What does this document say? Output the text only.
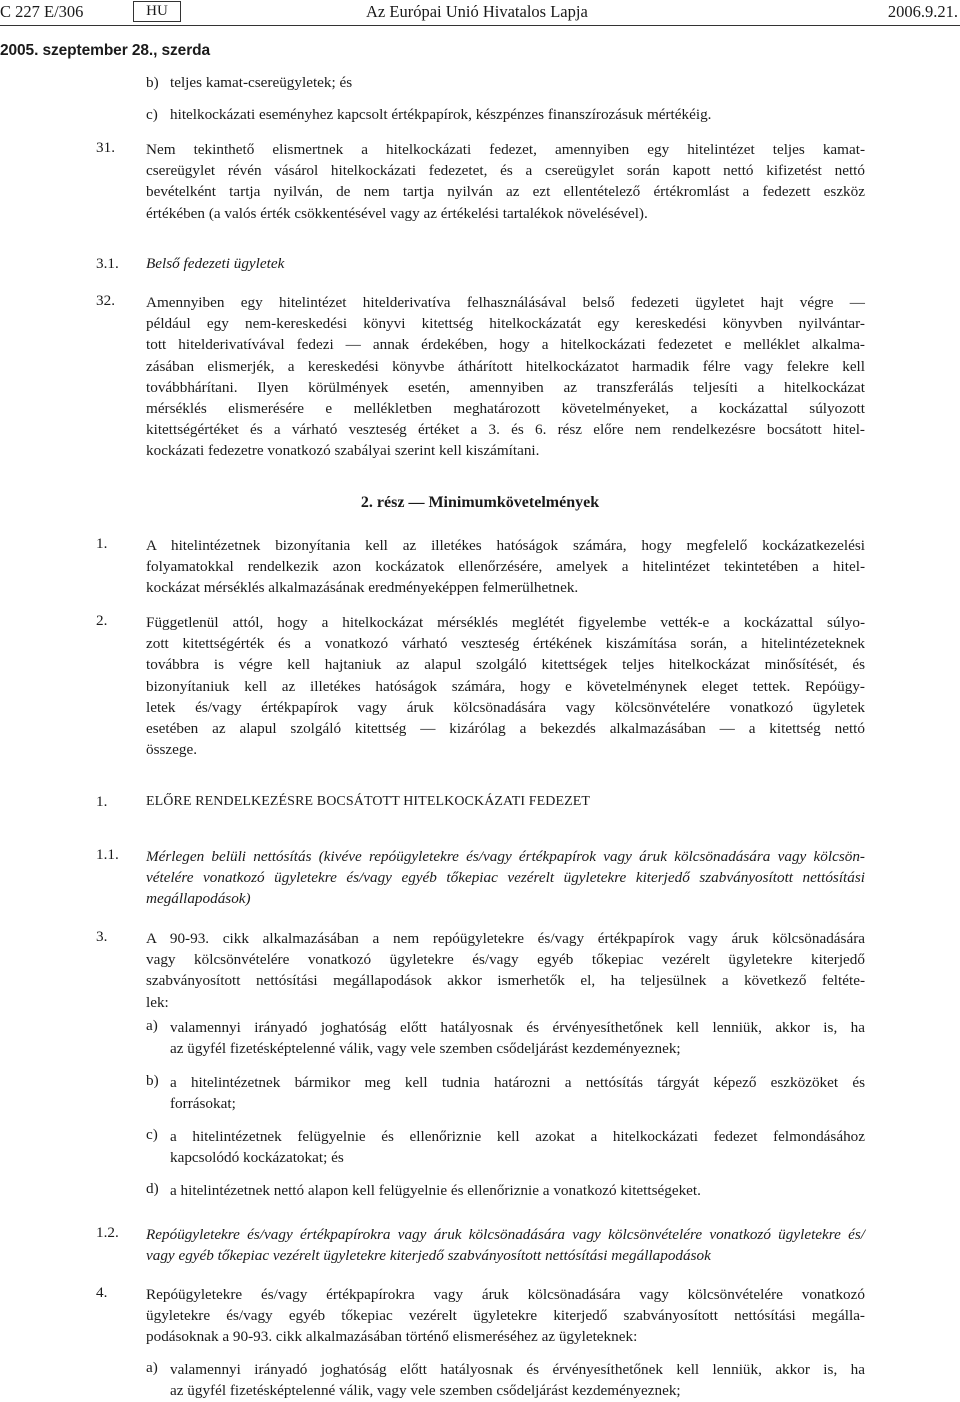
C 227 E/306	HU	Az Európai Unió Hivatalos Lapja	2006.9.21.
2005. szeptember 28., szerda
b) teljes kamat-csereügyletek; és
c) hitelkockázati eseményhez kapcsolt értékpapírok, készpénzes finanszírozásuk mértékéig.
31. Nem tekinthető elismertnek a hitelkockázati fedezet, amennyiben egy hitelintézet teljes kamat-
csereügylet révén vásárol hitelkockázati fedezetet, és a csereügylet során kapott nettó kifizetést nettó
bevételként tartja nyilván, de nem tartja nyilván az ezt ellentételező értékromlást a fedezett eszköz
értékében (a valós érték csökkentésével vagy az értékelési tartalékok növelésével).
3.1. Belső fedezeti ügyletek
32. Amennyiben egy hitelintézet hitelderivatíva felhasználásával belső fedezeti ügyletet hajt végre —
például egy nem-kereskedési könyvi kitettség hitelkockázatát egy kereskedési könyvben nyilvántar-
tott hitelderivatívával fedezi — annak érdekében, hogy a hitelkockázati fedezetet e melléklet alkalma-
zásában elismerjék, a kereskedési könyvbe áthárított hitelkockázatot harmadik félre vagy felekre kell
továbbhárítani. Ilyen körülmények esetén, amennyiben az transzferálás teljesíti a hitelkockázat
mérséklés elismerésére e mellékletben meghatározott követelményeket, a kockázattal súlyozott
kitettségértéket és a várható veszteség értéket a 3. és 6. rész előre nem rendelkezésre bocsátott hitel-
kockázati fedezetre vonatkozó szabályai szerint kell kiszámítani.
2. rész — Minimumkövetelmények
1.	A hitelintézetnek bizonyítania kell az illetékes hatóságok számára, hogy megfelelő kockázatkezelési
folyamatokkal rendelkezik azon kockázatok ellenőrzésére, amelyek a hitelintézet tekintetében a hitel-
kockázat mérséklés alkalmazásának eredményeképpen felmerülhetnek.
2.	Függetlenül attól, hogy a hitelkockázat mérséklés meglétét figyelembe vették-e a kockázattal súlyo-
zott kitettségérték és a vonatkozó várható veszteség értékének kiszámítása során, a hitelintézeteknek
továbbra is végre kell hajtaniuk az alapul szolgáló kitettségek teljes hitelkockázat minősítését, és
bizonyítaniuk kell az illetékes hatóságok számára, hogy e követelménynek eleget tettek. Repóügy-
letek és/vagy értékpapírok vagy áruk kölcsönadására vagy kölcsönvételére vonatkozó ügyletek
esetében az alapul szolgáló kitettség — kizárólag a bekezdés alkalmazásában — a kitettség nettó
összege.
1.	ELŐRE RENDELKEZÉSRE BOCSÁTOTT HITELKOCKÁZATI FEDEZET
1.1. Mérlegen belüli nettósítás (kivéve repóügyletekre és/vagy értékpapírok vagy áruk kölcsönadására vagy kölcsön-
vételére vonatkozó ügyletekre és/vagy egyéb tőkepiac vezérelt ügyletekre kiterjedő szabványosított nettósítási
megállapodások)
3.	A 90-93. cikk alkalmazásában a nem repóügyletekre és/vagy értékpapírok vagy áruk kölcsönadására
vagy kölcsönvételére vonatkozó ügyletekre és/vagy egyéb tőkepiac vezérelt ügyletekre kiterjedő
szabványosított nettósítási megállapodások akkor ismerhetők el, ha teljesülnek a következő feltéte-
lek:
a) valamennyi irányadó joghatóság előtt hatályosnak és érvényesíthetőnek kell lenniük, akkor is, ha
az ügyfél fizetésképtelenné válik, vagy vele szemben csődeljárást kezdeményeznek;
b) a hitelintézetnek bármikor meg kell tudnia határozni a nettósítás tárgyát képező eszközöket és
forrásokat;
c) a hitelintézetnek felügyelnie és ellenőriznie kell azokat a hitelkockázati fedezet felmondásához
kapcsolódó kockázatokat; és
d) a hitelintézetnek nettó alapon kell felügyelnie és ellenőriznie a vonatkozó kitettségeket.
1.2. Repóügyletekre és/vagy értékpapírokra vagy áruk kölcsönadására vagy kölcsönvételére vonatkozó ügyletekre és/
vagy egyéb tőkepiac vezérelt ügyletekre kiterjedő szabványosított nettósítási megállapodások
4.	Repóügyletekre és/vagy értékpapírokra vagy áruk kölcsönadására vagy kölcsönvételére vonatkozó
ügyletekre és/vagy egyéb tőkepiac vezérelt ügyletekre kiterjedő szabványosított nettósítási megálla-
podásoknak a 90-93. cikk alkalmazásában történő elismeréséhez az ügyleteknek:
a) valamennyi irányadó joghatóság előtt hatályosnak és érvényesíthetőnek kell lenniük, akkor is, ha
az ügyfél fizetésképtelenné válik, vagy vele szemben csődeljárást kezdeményeznek;
